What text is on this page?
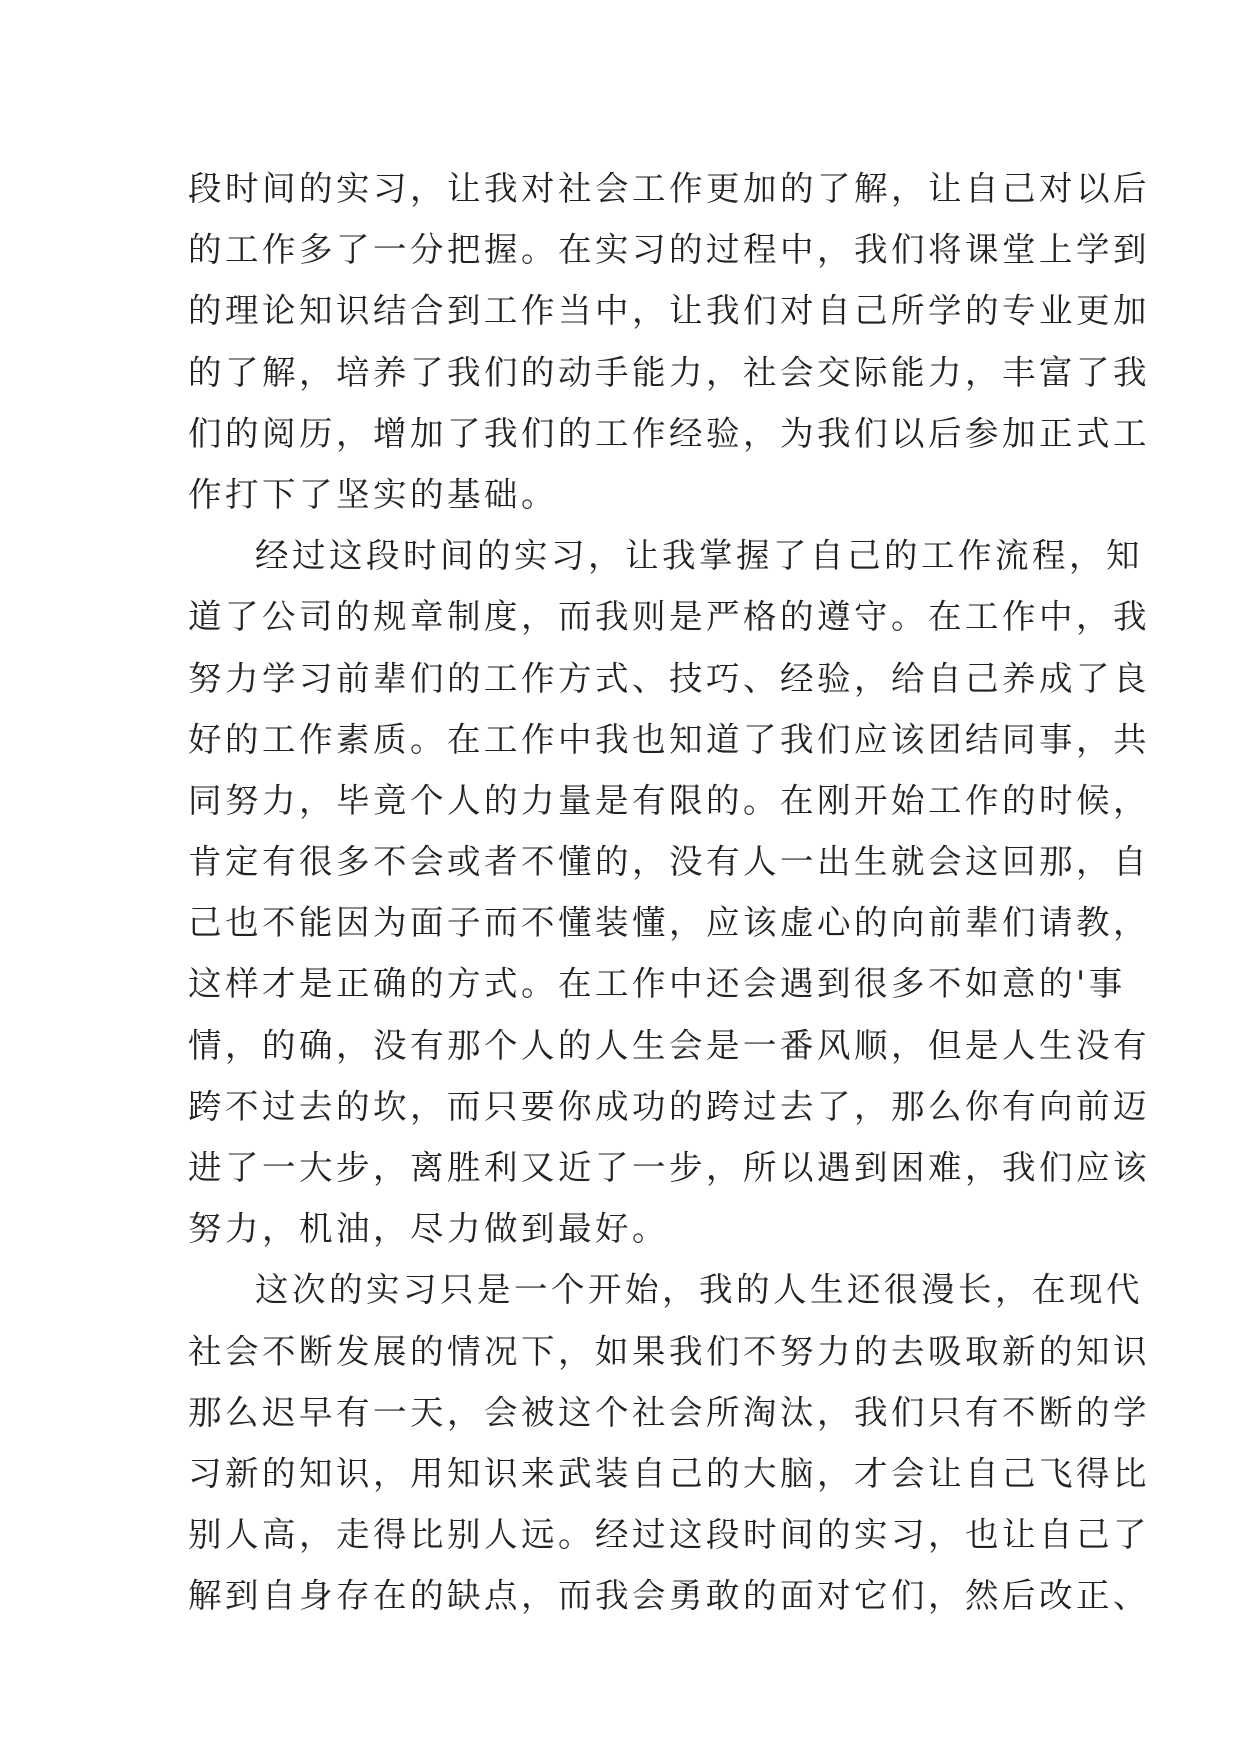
段时间的实习，让我对社会工作更加的了解，让自己对以后
的工作多了一分把握。在实习的过程中，我们将课堂上学到
的理论知识结合到工作当中，让我们对自己所学的专业更加
的了解，培养了我们的动手能力，社会交际能力，丰富了我
们的阅历，增加了我们的工作经验，为我们以后参加正式工
作打下了坚实的基础。
经过这段时间的实习，让我掌握了自己的工作流程，知
道了公司的规章制度，而我则是严格的遵守。在工作中，我
努力学习前辈们的工作方式、技巧、经验，给自己养成了良
好的工作素质。在工作中我也知道了我们应该团结同事，共
同努力，毕竟个人的力量是有限的。在刚开始工作的时候，
肯定有很多不会或者不懂的，没有人一出生就会这回那，自
己也不能因为面子而不懂装懂，应该虚心的向前辈们请教，
这样才是正确的方式。在工作中还会遇到很多不如意的'事
情，的确，没有那个人的人生会是一番风顺，但是人生没有
跨不过去的坎，而只要你成功的跨过去了，那么你有向前迈
进了一大步，离胜利又近了一步，所以遇到困难，我们应该
努力，机油，尽力做到最好。
这次的实习只是一个开始，我的人生还很漫长，在现代
社会不断发展的情况下，如果我们不努力的去吸取新的知识
那么迟早有一天，会被这个社会所淘汰，我们只有不断的学
习新的知识，用知识来武装自己的大脑，才会让自己飞得比
别人高，走得比别人远。经过这段时间的实习，也让自己了
解到自身存在的缺点，而我会勇敢的面对它们，然后改正、
